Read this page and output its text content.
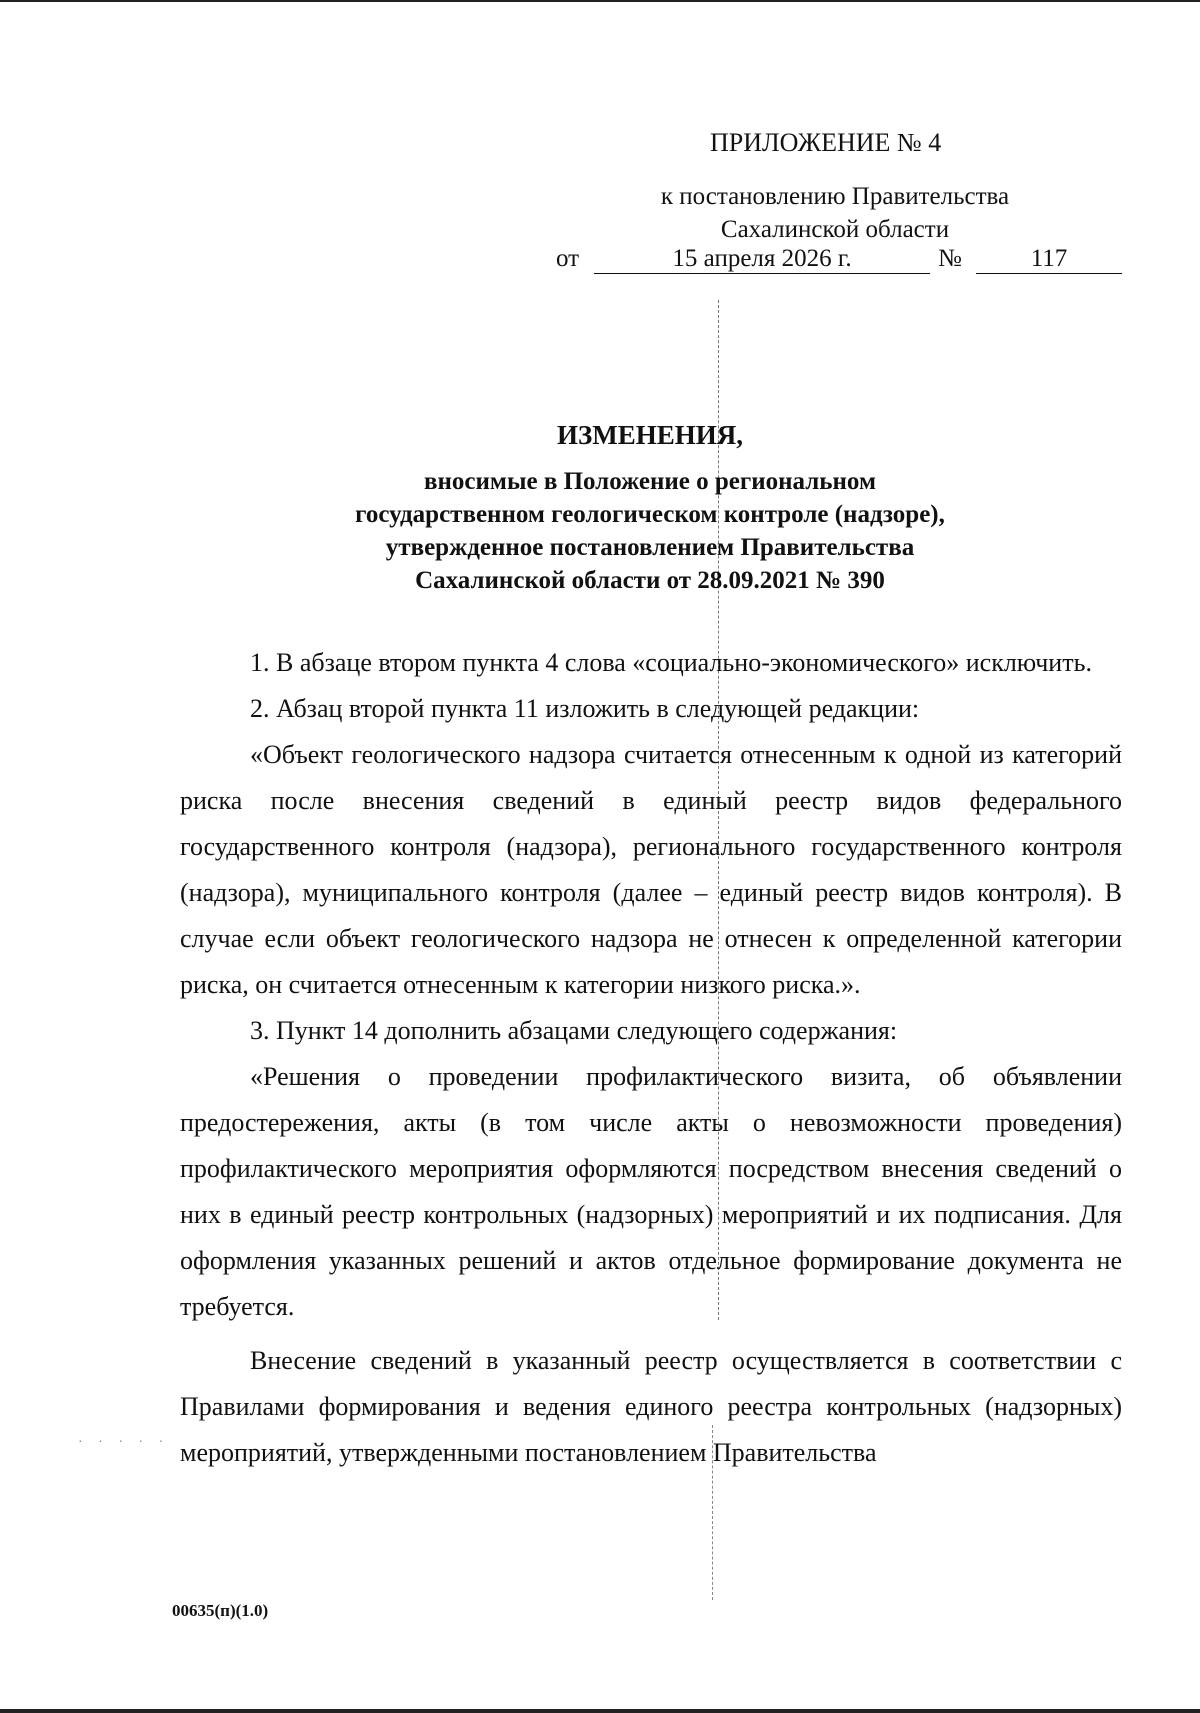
· · · · ·
ПРИЛОЖЕНИЕ № 4
к постановлению Правительства
Сахалинской области
от	15 апреля 2026 г.	№	117
ИЗМЕНЕНИЯ,
вносимые в Положение о региональном
государственном геологическом контроле (надзоре),
утвержденное постановлением Правительства
Сахалинской области от 28.09.2021 № 390

1. В абзаце втором пункта 4 слова «социально-экономического» исключить.

2. Абзац второй пункта 11 изложить в следующей редакции:

«Объект геологического надзора считается отнесенным к одной из категорий риска после внесения сведений в единый реестр видов федерального государственного контроля (надзора), регионального государственного контроля (надзора), муниципального контроля (далее – единый реестр видов контроля). В случае если объект геологического надзора не отнесен к определенной категории риска, он считается отнесенным к категории низкого риска.».

3. Пункт 14 дополнить абзацами следующего содержания:

«Решения о проведении профилактического визита, об объявлении предостережения, акты (в том числе акты о невозможности проведения) профилактического мероприятия оформляются посредством внесения сведений о них в единый реестр контрольных (надзорных) мероприятий и их подписания. Для оформления указанных решений и актов отдельное формирование документа не требуется.

Внесение сведений в указанный реестр осуществляется в соответствии с Правилами формирования и ведения единого реестра контрольных (надзорных) мероприятий, утвержденными постановлением Правительства

00635(п)(1.0)
